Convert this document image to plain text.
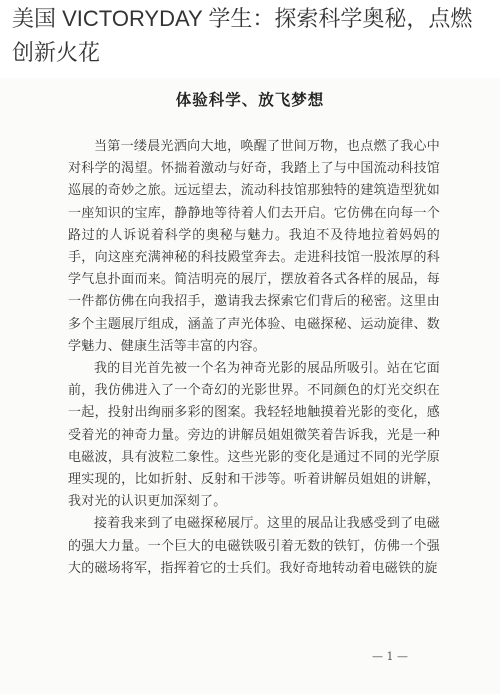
美国 VICTORYDAY 学生：探索科学奥秘，点燃创新火花
体验科学、放飞梦想

当第一缕晨光洒向大地，唤醒了世间万物，也点燃了我心中对科学的渴望。怀揣着激动与好奇，我踏上了与中国流动科技馆巡展的奇妙之旅。远远望去，流动科技馆那独特的建筑造型犹如一座知识的宝库，静静地等待着人们去开启。它仿佛在向每一个路过的人诉说着科学的奥秘与魅力。我迫不及待地拉着妈妈的手，向这座充满神秘的科技殿堂奔去。走进科技馆一股浓厚的科学气息扑面而来。简洁明亮的展厅，摆放着各式各样的展品，每一件都仿佛在向我招手，邀请我去探索它们背后的秘密。这里由多个主题展厅组成，涵盖了声光体验、电磁探秘、运动旋律、数学魅力、健康生活等丰富的内容。

我的目光首先被一个名为神奇光影的展品所吸引。站在它面前，我仿佛进入了一个奇幻的光影世界。不同颜色的灯光交织在一起，投射出绚丽多彩的图案。我轻轻地触摸着光影的变化，感受着光的神奇力量。旁边的讲解员姐姐微笑着告诉我，光是一种电磁波，具有波粒二象性。这些光影的变化是通过不同的光学原理实现的，比如折射、反射和干涉等。听着讲解员姐姐的讲解，我对光的认识更加深刻了。

接着我来到了电磁探秘展厅。这里的展品让我感受到了电磁的强大力量。一个巨大的电磁铁吸引着无数的铁钉，仿佛一个强大的磁场将军，指挥着它的士兵们。我好奇地转动着电磁铁的旋

— 1 —
